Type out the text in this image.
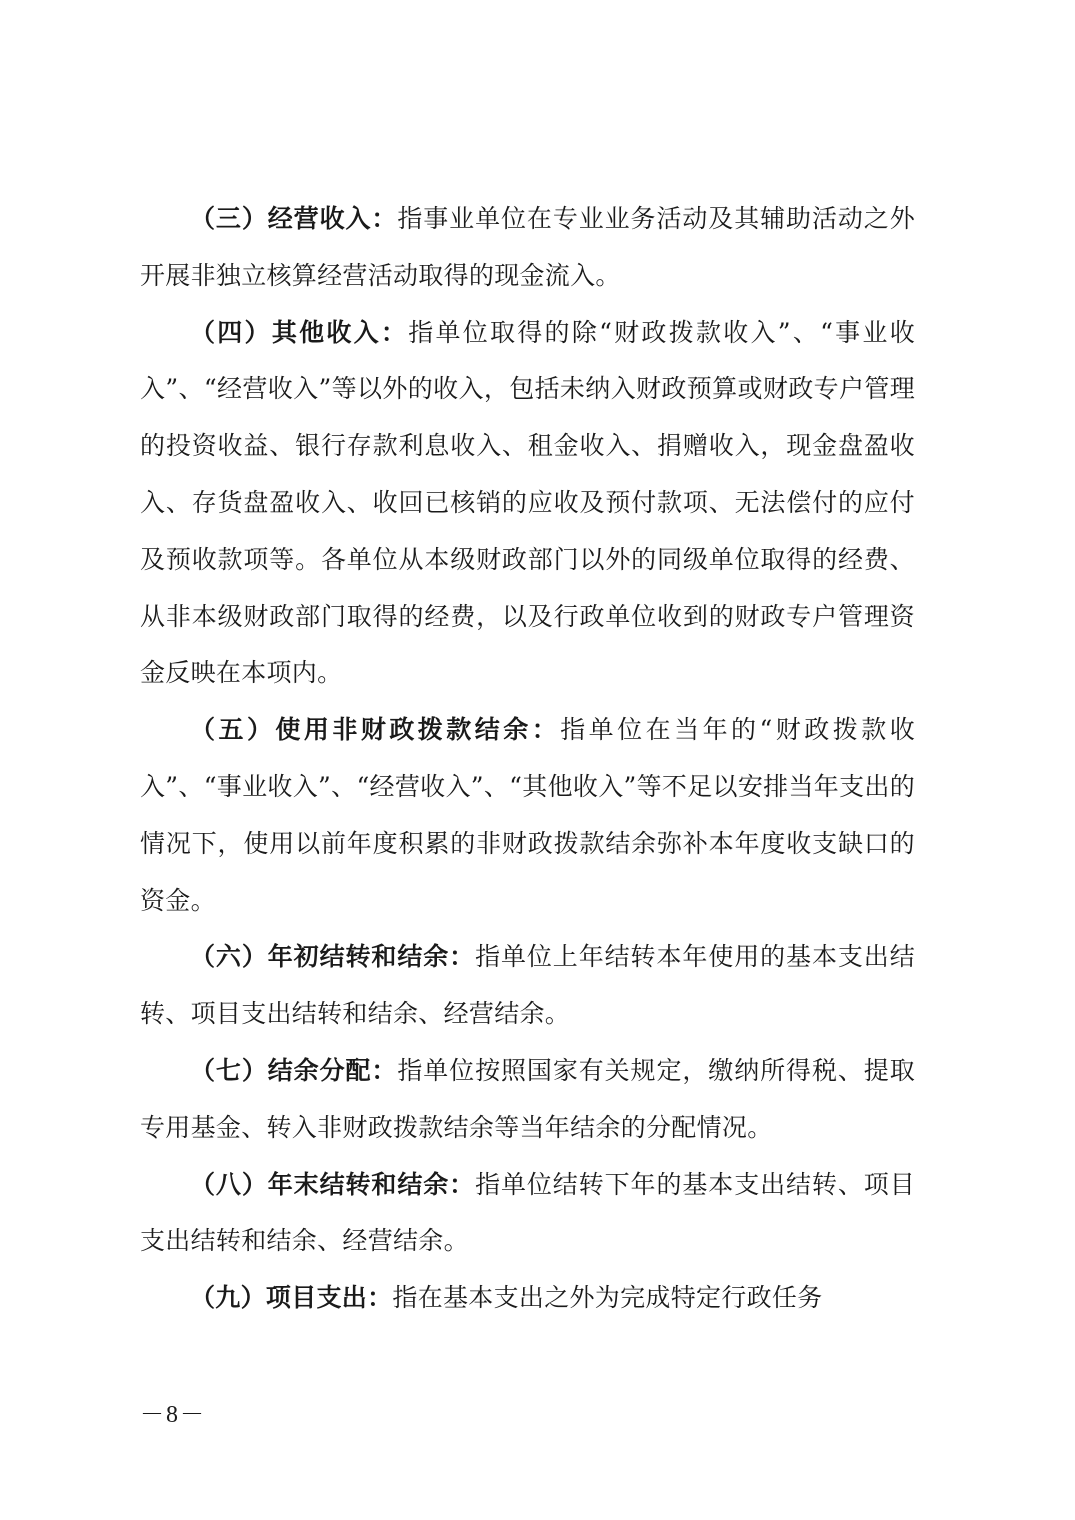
（三）经营收入：指事业单位在专业业务活动及其辅助活动之外开展非独立核算经营活动取得的现金流入。

（四）其他收入：指单位取得的除“财政拨款收入”、“事业收入”、“经营收入”等以外的收入，包括未纳入财政预算或财政专户管理的投资收益、银行存款利息收入、租金收入、捐赠收入，现金盘盈收入、存货盘盈收入、收回已核销的应收及预付款项、无法偿付的应付及预收款项等。各单位从本级财政部门以外的同级单位取得的经费、从非本级财政部门取得的经费，以及行政单位收到的财政专户管理资金反映在本项内。

（五）使用非财政拨款结余：指单位在当年的“财政拨款收入”、“事业收入”、“经营收入”、“其他收入”等不足以安排当年支出的情况下，使用以前年度积累的非财政拨款结余弥补本年度收支缺口的资金。

（六）年初结转和结余：指单位上年结转本年使用的基本支出结转、项目支出结转和结余、经营结余。

（七）结余分配：指单位按照国家有关规定，缴纳所得税、提取专用基金、转入非财政拨款结余等当年结余的分配情况。

（八）年末结转和结余：指单位结转下年的基本支出结转、项目支出结转和结余、经营结余。

（九）项目支出：指在基本支出之外为完成特定行政任务

－8－
